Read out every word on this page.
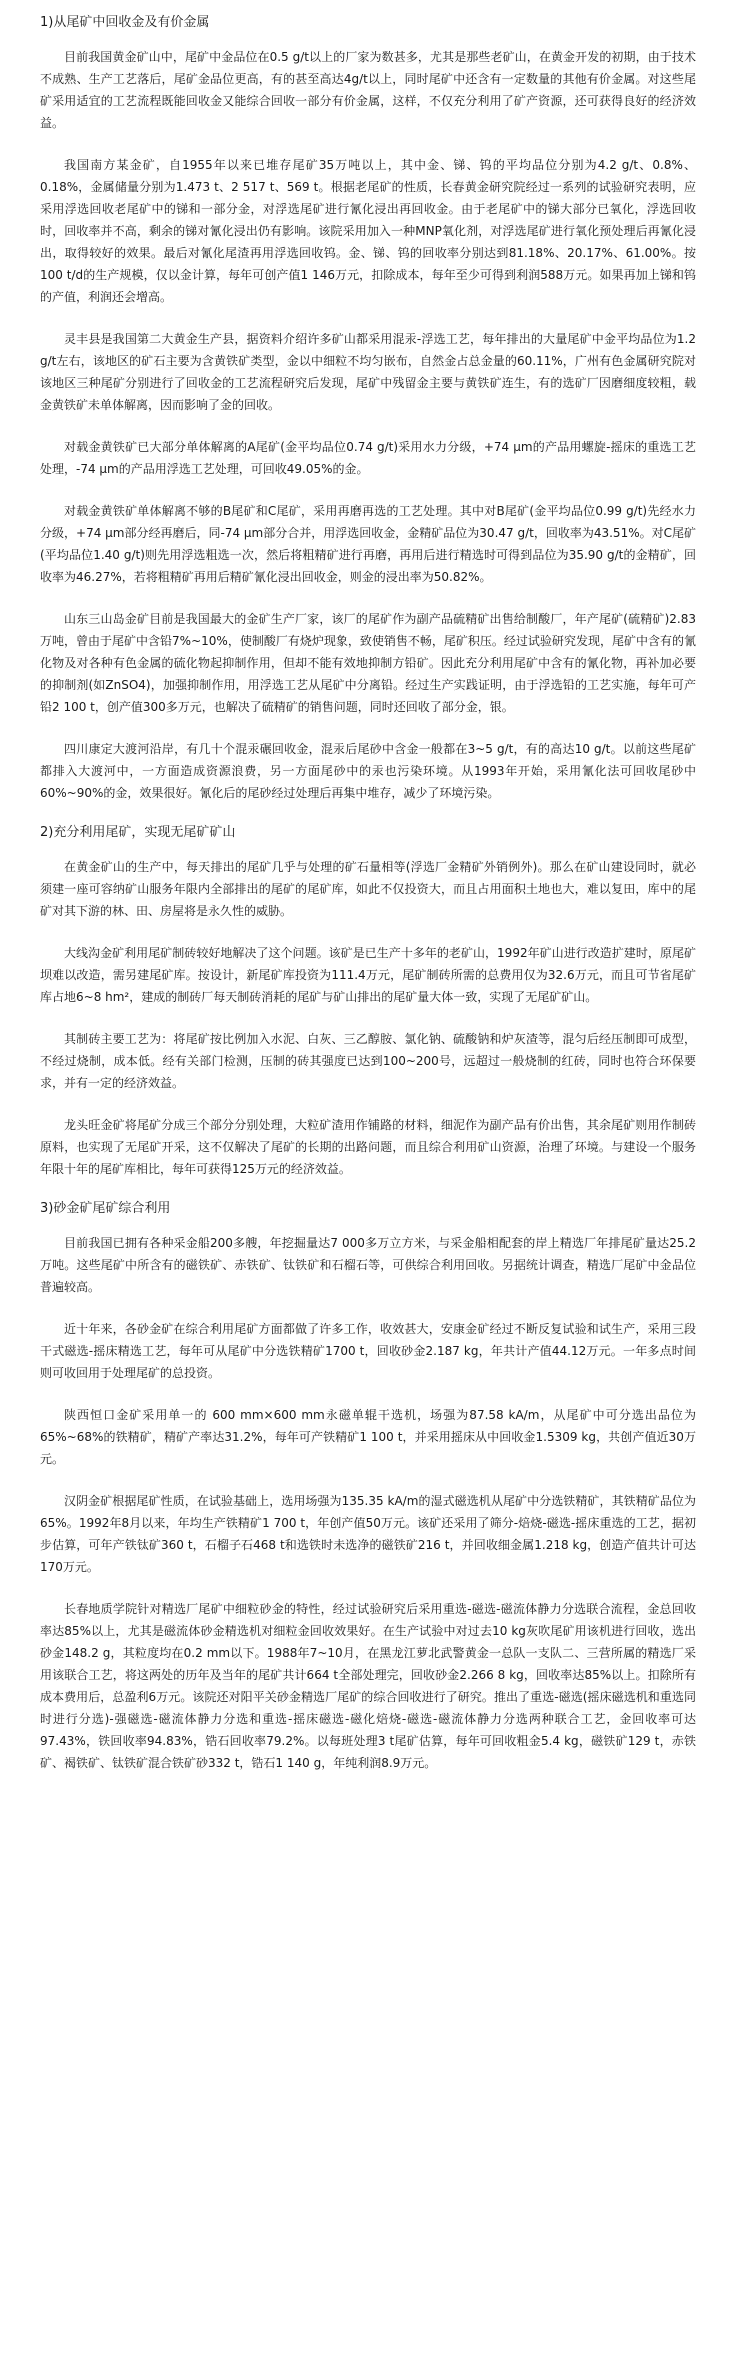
1)从尾矿中回收金及有价金属

目前我国黄金矿山中，尾矿中金品位在0.5 g/t以上的厂家为数甚多，尤其是那些老矿山，在黄金开发的初期，由于技术不成熟、生产工艺落后，尾矿金品位更高，有的甚至高达4g/t以上，同时尾矿中还含有一定数量的其他有价金属。对这些尾矿采用适宜的工艺流程既能回收金又能综合回收一部分有价金属，这样，不仅充分利用了矿产资源，还可获得良好的经济效益。

我国南方某金矿，自1955年以来已堆存尾矿35万吨以上，其中金、锑、钨的平均品位分别为4.2 g/t、0.8%、0.18%，金属储量分别为1.473 t、2 517 t、569 t。根据老尾矿的性质，长春黄金研究院经过一系列的试验研究表明，应采用浮选回收老尾矿中的锑和一部分金，对浮选尾矿进行氰化浸出再回收金。由于老尾矿中的锑大部分已氧化，浮选回收时，回收率并不高，剩余的锑对氰化浸出仍有影响。该院采用加入一种MNP氧化剂，对浮选尾矿进行氧化预处理后再氰化浸出，取得较好的效果。最后对氰化尾渣再用浮选回收钨。金、锑、钨的回收率分别达到81.18%、20.17%、61.00%。按100 t/d的生产规模，仅以金计算，每年可创产值1 146万元，扣除成本，每年至少可得到利润588万元。如果再加上锑和钨的产值，利润还会增高。

灵丰县是我国第二大黄金生产县，据资料介绍许多矿山都采用混汞-浮选工艺，每年排出的大量尾矿中金平均品位为1.2 g/t左右，该地区的矿石主要为含黄铁矿类型，金以中细粒不均匀嵌布，自然金占总金量的60.11%，广州有色金属研究院对该地区三种尾矿分别进行了回收金的工艺流程研究后发现，尾矿中残留金主要与黄铁矿连生，有的选矿厂因磨细度较粗，载金黄铁矿未单体解离，因而影响了金的回收。

对载金黄铁矿已大部分单体解离的A尾矿(金平均品位0.74 g/t)采用水力分级，+74 μm的产品用螺旋-摇床的重选工艺处理，-74 μm的产品用浮选工艺处理，可回收49.05%的金。

对载金黄铁矿单体解离不够的B尾矿和C尾矿，采用再磨再选的工艺处理。其中对B尾矿(金平均品位0.99 g/t)先经水力分级，+74 μm部分经再磨后，同-74 μm部分合并，用浮选回收金，金精矿品位为30.47 g/t，回收率为43.51%。对C尾矿(平均品位1.40 g/t)则先用浮选粗选一次，然后将粗精矿进行再磨，再用后进行精选时可得到品位为35.90 g/t的金精矿，回收率为46.27%，若将粗精矿再用后精矿氰化浸出回收金，则金的浸出率为50.82%。

山东三山岛金矿目前是我国最大的金矿生产厂家，该厂的尾矿作为副产品硫精矿出售给制酸厂，年产尾矿(硫精矿)2.83万吨，曾由于尾矿中含铅7%~10%，使制酸厂有烧炉现象，致使销售不畅，尾矿积压。经过试验研究发现，尾矿中含有的氰化物及对各种有色金属的硫化物起抑制作用，但却不能有效地抑制方铅矿。因此充分利用尾矿中含有的氰化物，再补加必要的抑制剂(如ZnSO4)，加强抑制作用，用浮选工艺从尾矿中分离铅。经过生产实践证明，由于浮选铅的工艺实施，每年可产铅2 100 t，创产值300多万元，也解决了硫精矿的销售问题，同时还回收了部分金，银。

四川康定大渡河沿岸，有几十个混汞碾回收金，混汞后尾砂中含金一般都在3~5 g/t，有的高达10 g/t。以前这些尾矿都排入大渡河中，一方面造成资源浪费，另一方面尾砂中的汞也污染环境。从1993年开始，采用氰化法可回收尾砂中60%~90%的金，效果很好。氰化后的尾砂经过处理后再集中堆存，减少了环境污染。

2)充分利用尾矿，实现无尾矿矿山

在黄金矿山的生产中，每天排出的尾矿几乎与处理的矿石量相等(浮选厂金精矿外销例外)。那么在矿山建设同时，就必须建一座可容纳矿山服务年限内全部排出的尾矿的尾矿库，如此不仅投资大，而且占用面积土地也大，难以复田，库中的尾矿对其下游的林、田、房屋将是永久性的威胁。

大线沟金矿利用尾矿制砖较好地解决了这个问题。该矿是已生产十多年的老矿山，1992年矿山进行改造扩建时，原尾矿坝难以改造，需另建尾矿库。按设计，新尾矿库投资为111.4万元，尾矿制砖所需的总费用仅为32.6万元，而且可节省尾矿库占地6~8 hm²，建成的制砖厂每天制砖消耗的尾矿与矿山排出的尾矿量大体一致，实现了无尾矿矿山。

其制砖主要工艺为：将尾矿按比例加入水泥、白灰、三乙醇胺、氯化钠、硫酸钠和炉灰渣等，混匀后经压制即可成型，不经过烧制，成本低。经有关部门检测，压制的砖其强度已达到100~200号，远超过一般烧制的红砖，同时也符合环保要求，并有一定的经济效益。

龙头旺金矿将尾矿分成三个部分分别处理，大粒矿渣用作铺路的材料，细泥作为副产品有价出售，其余尾矿则用作制砖原料，也实现了无尾矿开采，这不仅解决了尾矿的长期的出路问题，而且综合利用矿山资源，治理了环境。与建设一个服务年限十年的尾矿库相比，每年可获得125万元的经济效益。

3)砂金矿尾矿综合利用

目前我国已拥有各种采金船200多艘，年挖掘量达7 000多万立方米，与采金船相配套的岸上精选厂年排尾矿量达25.2万吨。这些尾矿中所含有的磁铁矿、赤铁矿、钛铁矿和石榴石等，可供综合利用回收。另据统计调查，精选厂尾矿中金品位普遍较高。

近十年来，各砂金矿在综合利用尾矿方面都做了许多工作，收效甚大，安康金矿经过不断反复试验和试生产，采用三段干式磁选-摇床精选工艺，每年可从尾矿中分选铁精矿1700 t，回收砂金2.187 kg，年共计产值44.12万元。一年多点时间则可收回用于处理尾矿的总投资。

陕西恒口金矿采用单一的 600 mm×600 mm永磁单辊干选机，场强为87.58 kA/m，从尾矿中可分选出品位为65%~68%的铁精矿，精矿产率达31.2%，每年可产铁精矿1 100 t，并采用摇床从中回收金1.5309 kg，共创产值近30万元。

汉阴金矿根据尾矿性质，在试验基础上，选用场强为135.35 kA/m的湿式磁选机从尾矿中分选铁精矿，其铁精矿品位为65%。1992年8月以来，年均生产铁精矿1 700 t，年创产值50万元。该矿还采用了筛分-焙烧-磁选-摇床重选的工艺，据初步估算，可年产铁钛矿360 t，石榴子石468 t和选铁时未选净的磁铁矿216 t，并回收细金属1.218 kg，创造产值共计可达170万元。

长春地质学院针对精选厂尾矿中细粒砂金的特性，经过试验研究后采用重选-磁选-磁流体静力分选联合流程，金总回收率达85%以上，尤其是磁流体砂金精选机对细粒金回收效果好。在生产试验中对过去10 kg灰吹尾矿用该机进行回收，选出砂金148.2 g，其粒度均在0.2 mm以下。1988年7~10月，在黑龙江萝北武警黄金一总队一支队二、三营所属的精选厂采用该联合工艺，将这两处的历年及当年的尾矿共计664 t全部处理完，回收砂金2.266 8 kg，回收率达85%以上。扣除所有成本费用后，总盈利6万元。该院还对阳平关砂金精选厂尾矿的综合回收进行了研究。推出了重选-磁选(摇床磁选机和重选同时进行分选)-强磁选-磁流体静力分选和重选-摇床磁选-磁化焙烧-磁选-磁流体静力分选两种联合工艺，金回收率可达97.43%，铁回收率94.83%，锆石回收率79.2%。以每班处理3 t尾矿估算，每年可回收粗金5.4 kg，磁铁矿129 t，赤铁矿、褐铁矿、钛铁矿混合铁矿砂332 t，锆石1 140 g，年纯利润8.9万元。
